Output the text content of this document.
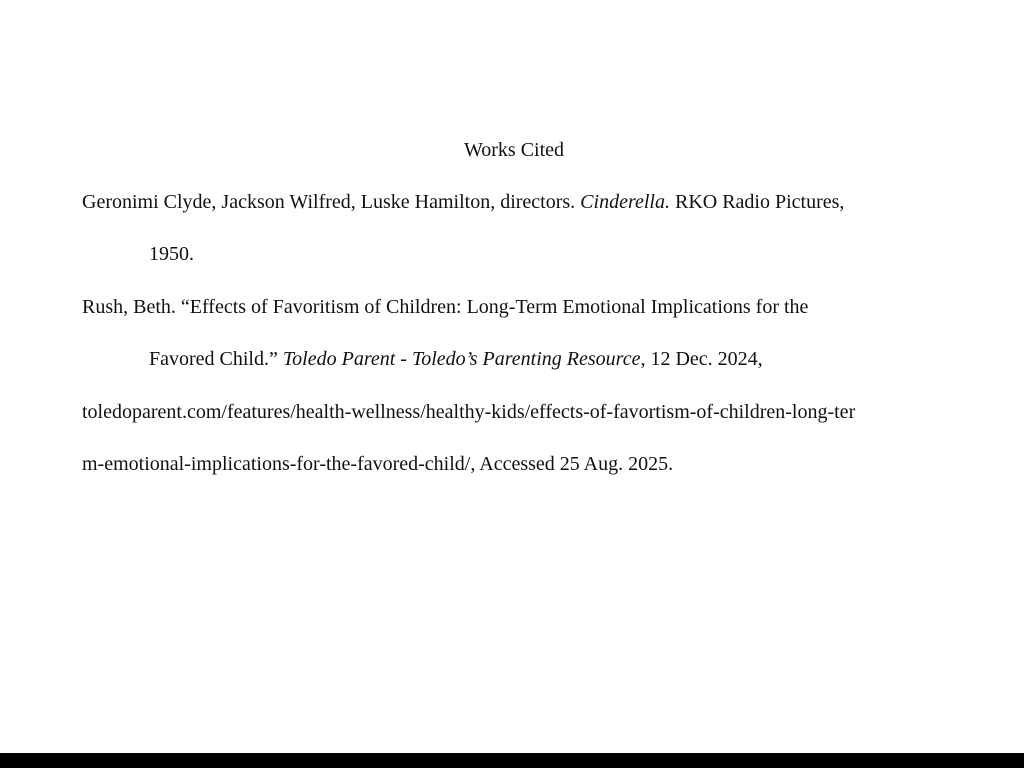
Works Cited
Geronimi Clyde, Jackson Wilfred, Luske Hamilton, directors. Cinderella. RKO Radio Pictures,
1950.
Rush, Beth. “Effects of Favoritism of Children: Long-Term Emotional Implications for the
Favored Child.” Toledo Parent - Toledo’s Parenting Resource, 12 Dec. 2024,
toledoparent.com/features/health-wellness/healthy-kids/effects-of-favortism-of-children-long-ter
m-emotional-implications-for-the-favored-child/, Accessed 25 Aug. 2025.
